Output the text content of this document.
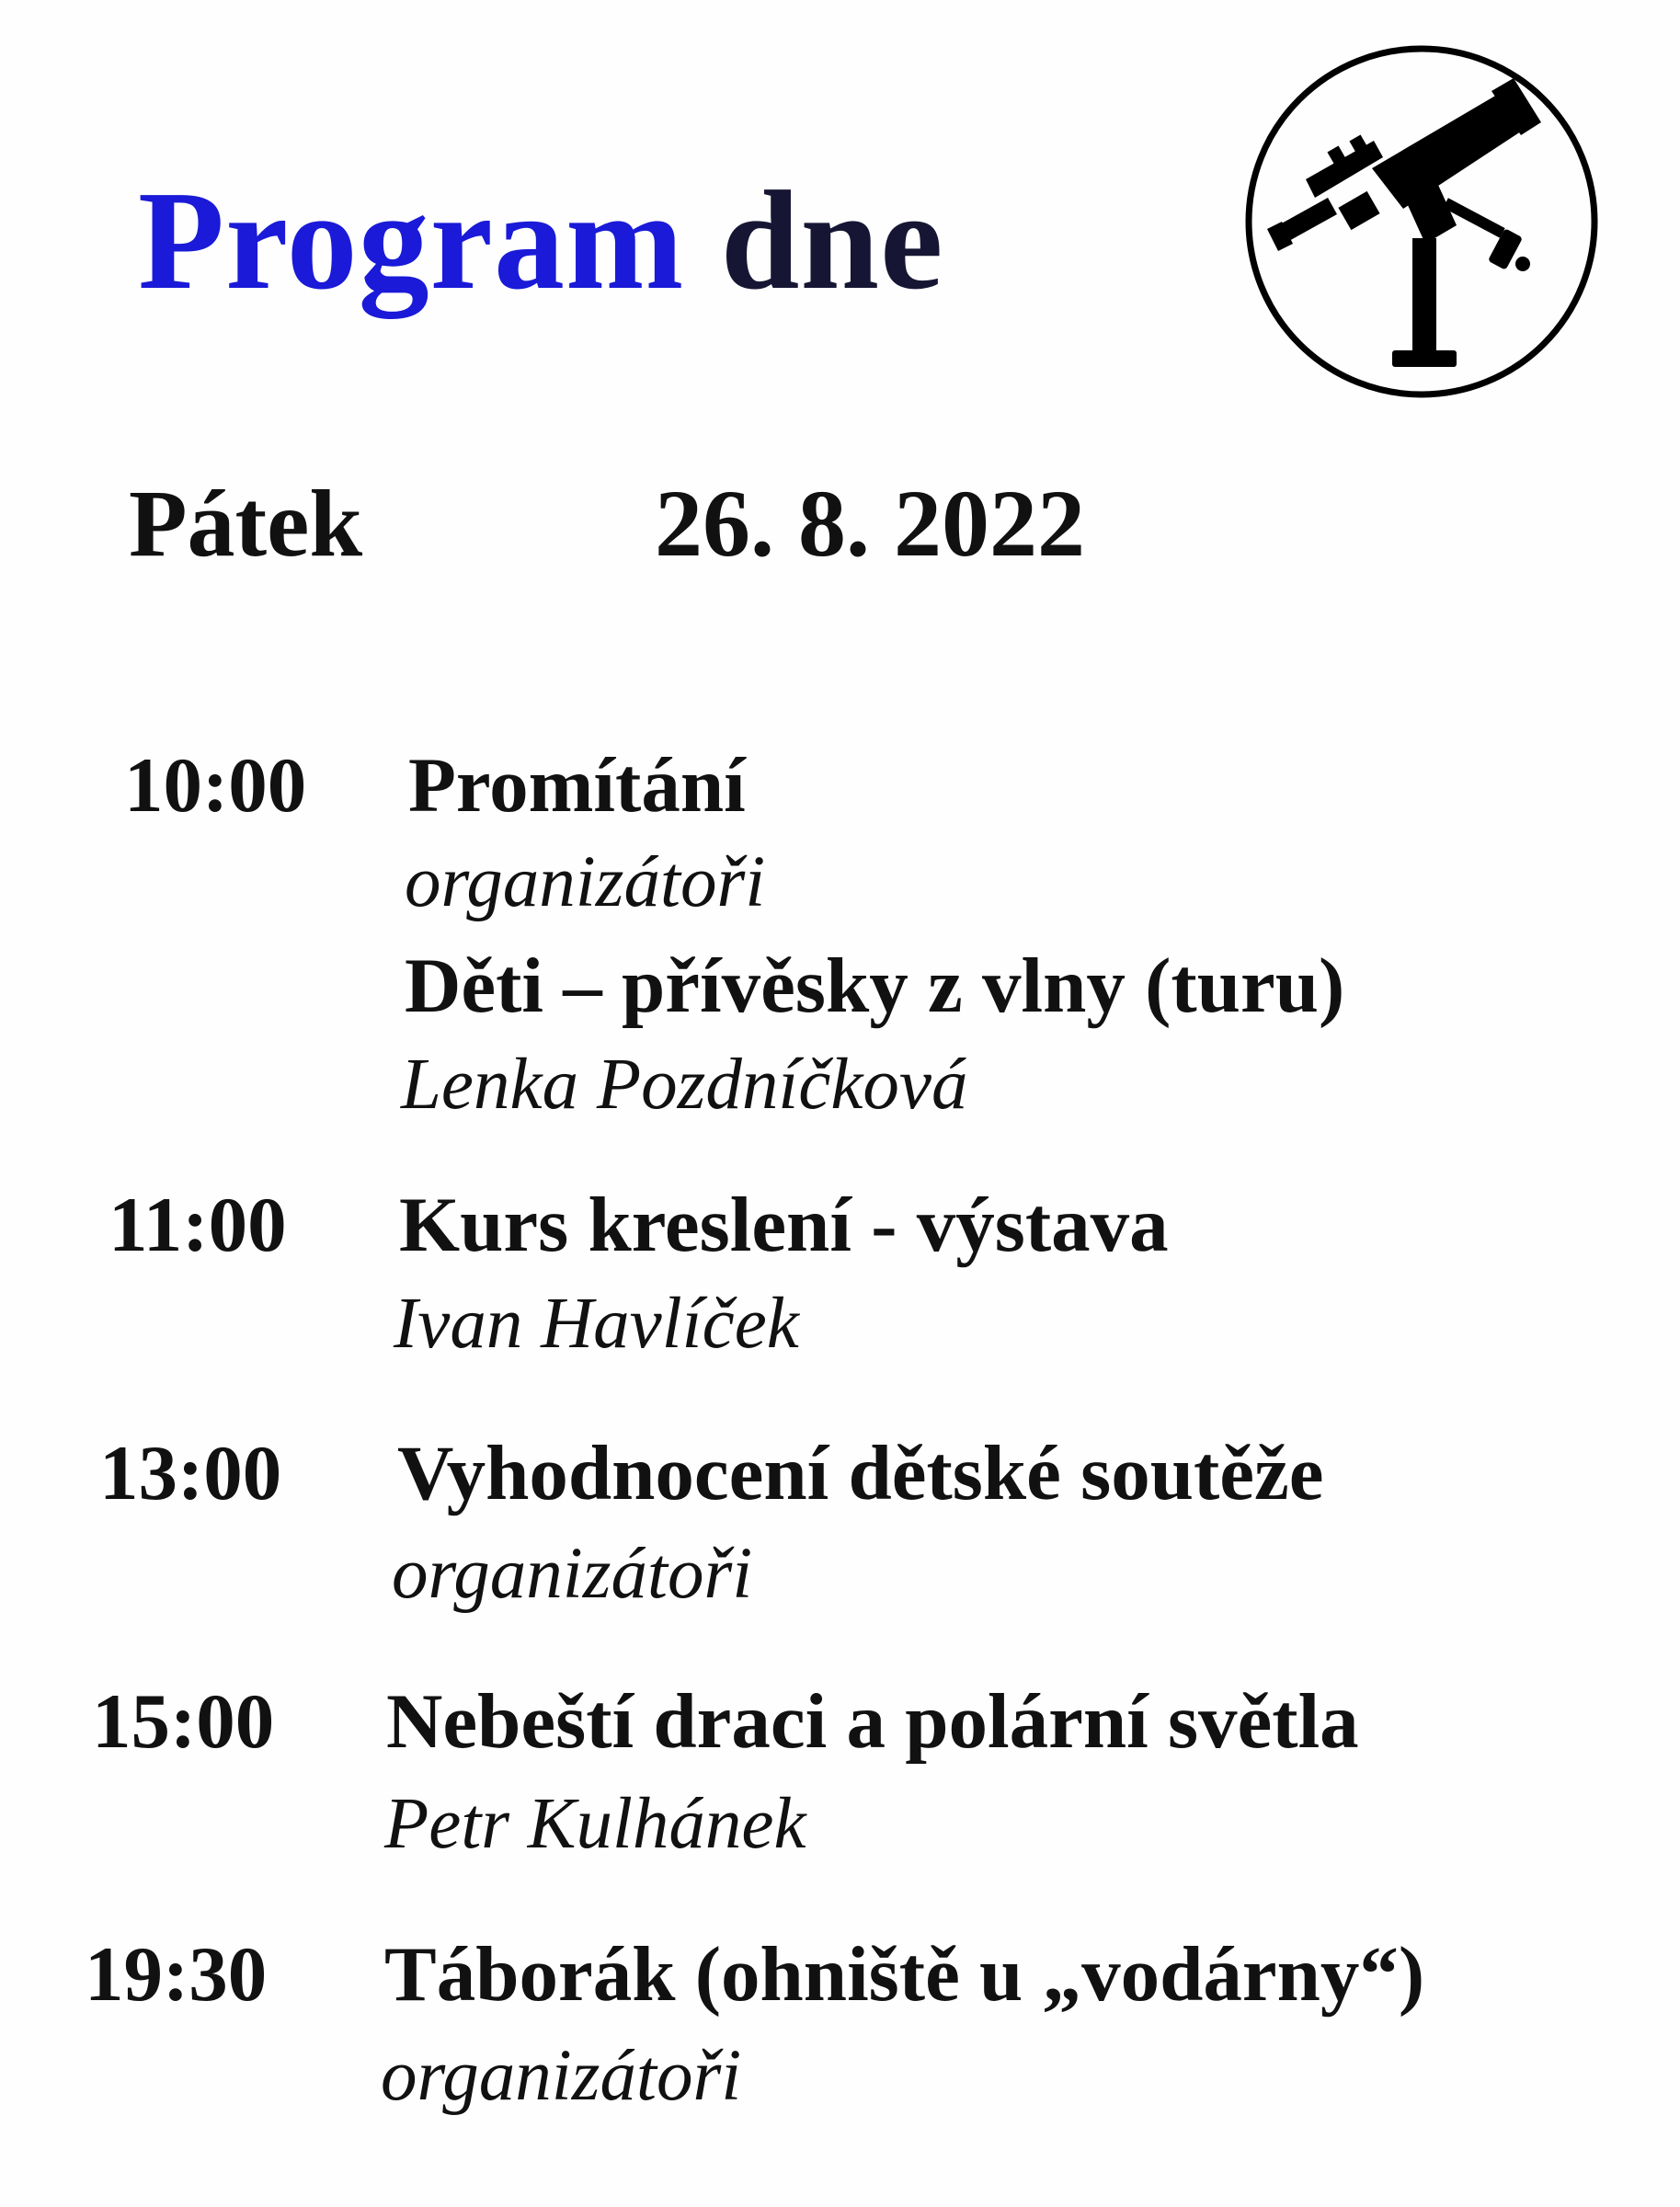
Program dne
Pátek	26. 8. 2022
10:00 Promítání
organizátoři
Děti – přívěsky z vlny (turu)
Lenka Pozdníčková
11:00 Kurs kreslení - výstava
Ivan Havlíček
13:00 Vyhodnocení dětské soutěže
organizátoři
15:00 Nebeští draci a polární světla
Petr Kulhánek
19:30 Táborák (ohniště u „vodárny“)
organizátoři
